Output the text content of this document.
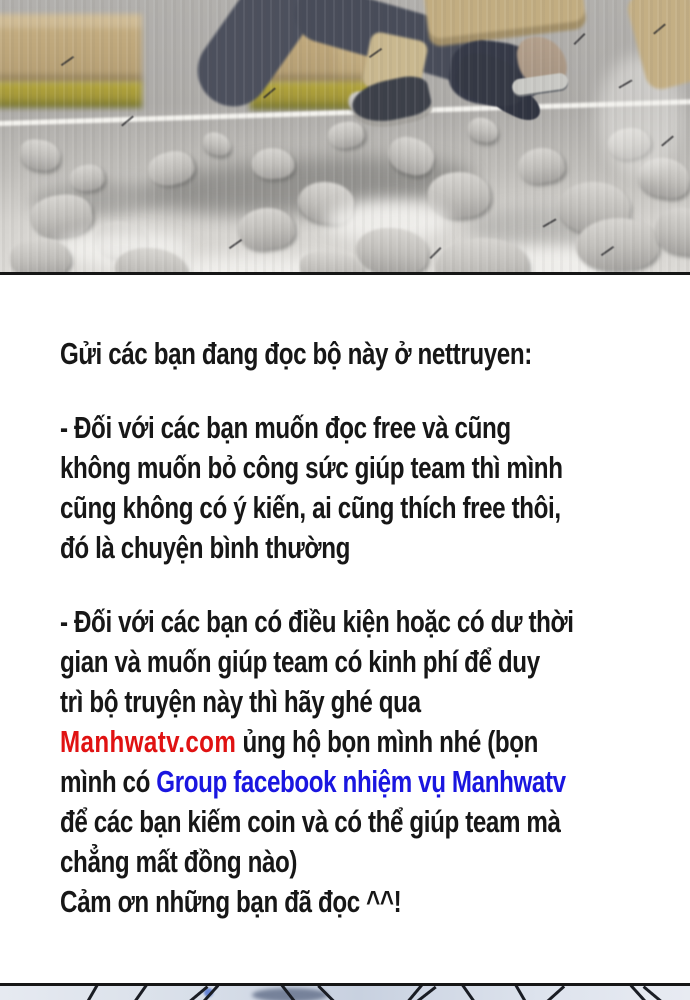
Gửi các bạn đang đọc bộ này ở nettruyen:
- Đối với các bạn muốn đọc free và cũng
không muốn bỏ công sức giúp team thì mình
cũng không có ý kiến, ai cũng thích free thôi,
đó là chuyện bình thường
- Đối với các bạn có điều kiện hoặc có dư thời
gian và muốn giúp team có kinh phí để duy
trì bộ truyện này thì hãy ghé qua
Manhwatv.com ủng hộ bọn mình nhé (bọn
mình có Group facebook nhiệm vụ Manhwatv
để các bạn kiếm coin và có thể giúp team mà
chẳng mất đồng nào)
Cảm ơn những bạn đã đọc ^^!
